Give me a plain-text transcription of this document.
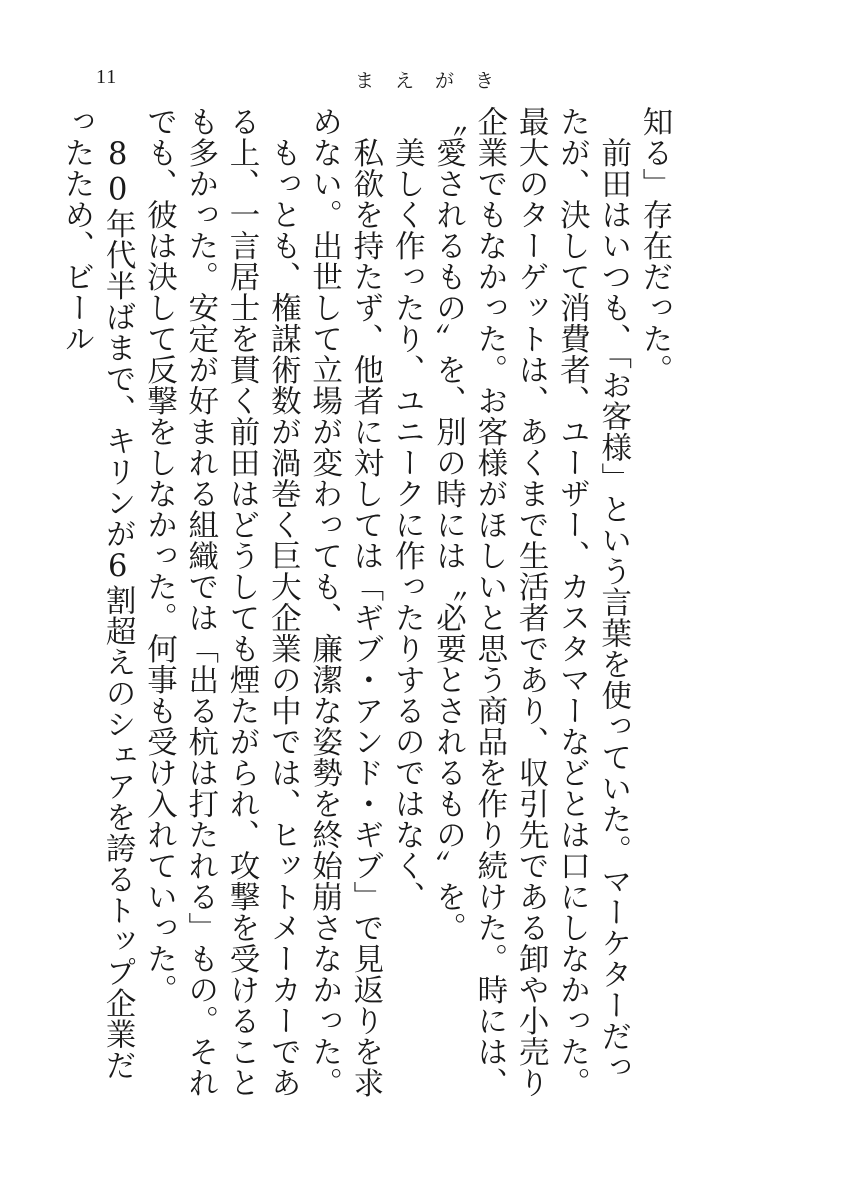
11	まえがき

知る」存在だった。

前田はいつも、「お客様」という言葉を使っていた。マーケターだったが、決して消費者、ユーザー、カスタマーなどとは口にしなかった。最大のターゲットは、あくまで生活者であり、収引先である卸や小売り企業でもなかった。お客様がほしいと思う商品を作り続けた。時には、〝愛されるもの〟を、別の時には〝必要とされるもの〟を。

美しく作ったり、ユニークに作ったりするのではなく、

私欲を持たず、他者に対しては「ギブ・アンド・ギブ」で見返りを求めない。出世して立場が変わっても、廉潔な姿勢を終始崩さなかった。

もっとも、権謀術数が渦巻く巨大企業の中では、ヒットメーカーである上、一言居士を貫く前田はどうしても煙たがられ、攻撃を受けることも多かった。安定が好まれる組織では「出る杭は打たれる」もの。それでも、彼は決して反撃をしなかった。何事も受け入れていった。

80年代半ばまで、キリンが6割超えのシェアを誇るトップ企業だったため、ビール
